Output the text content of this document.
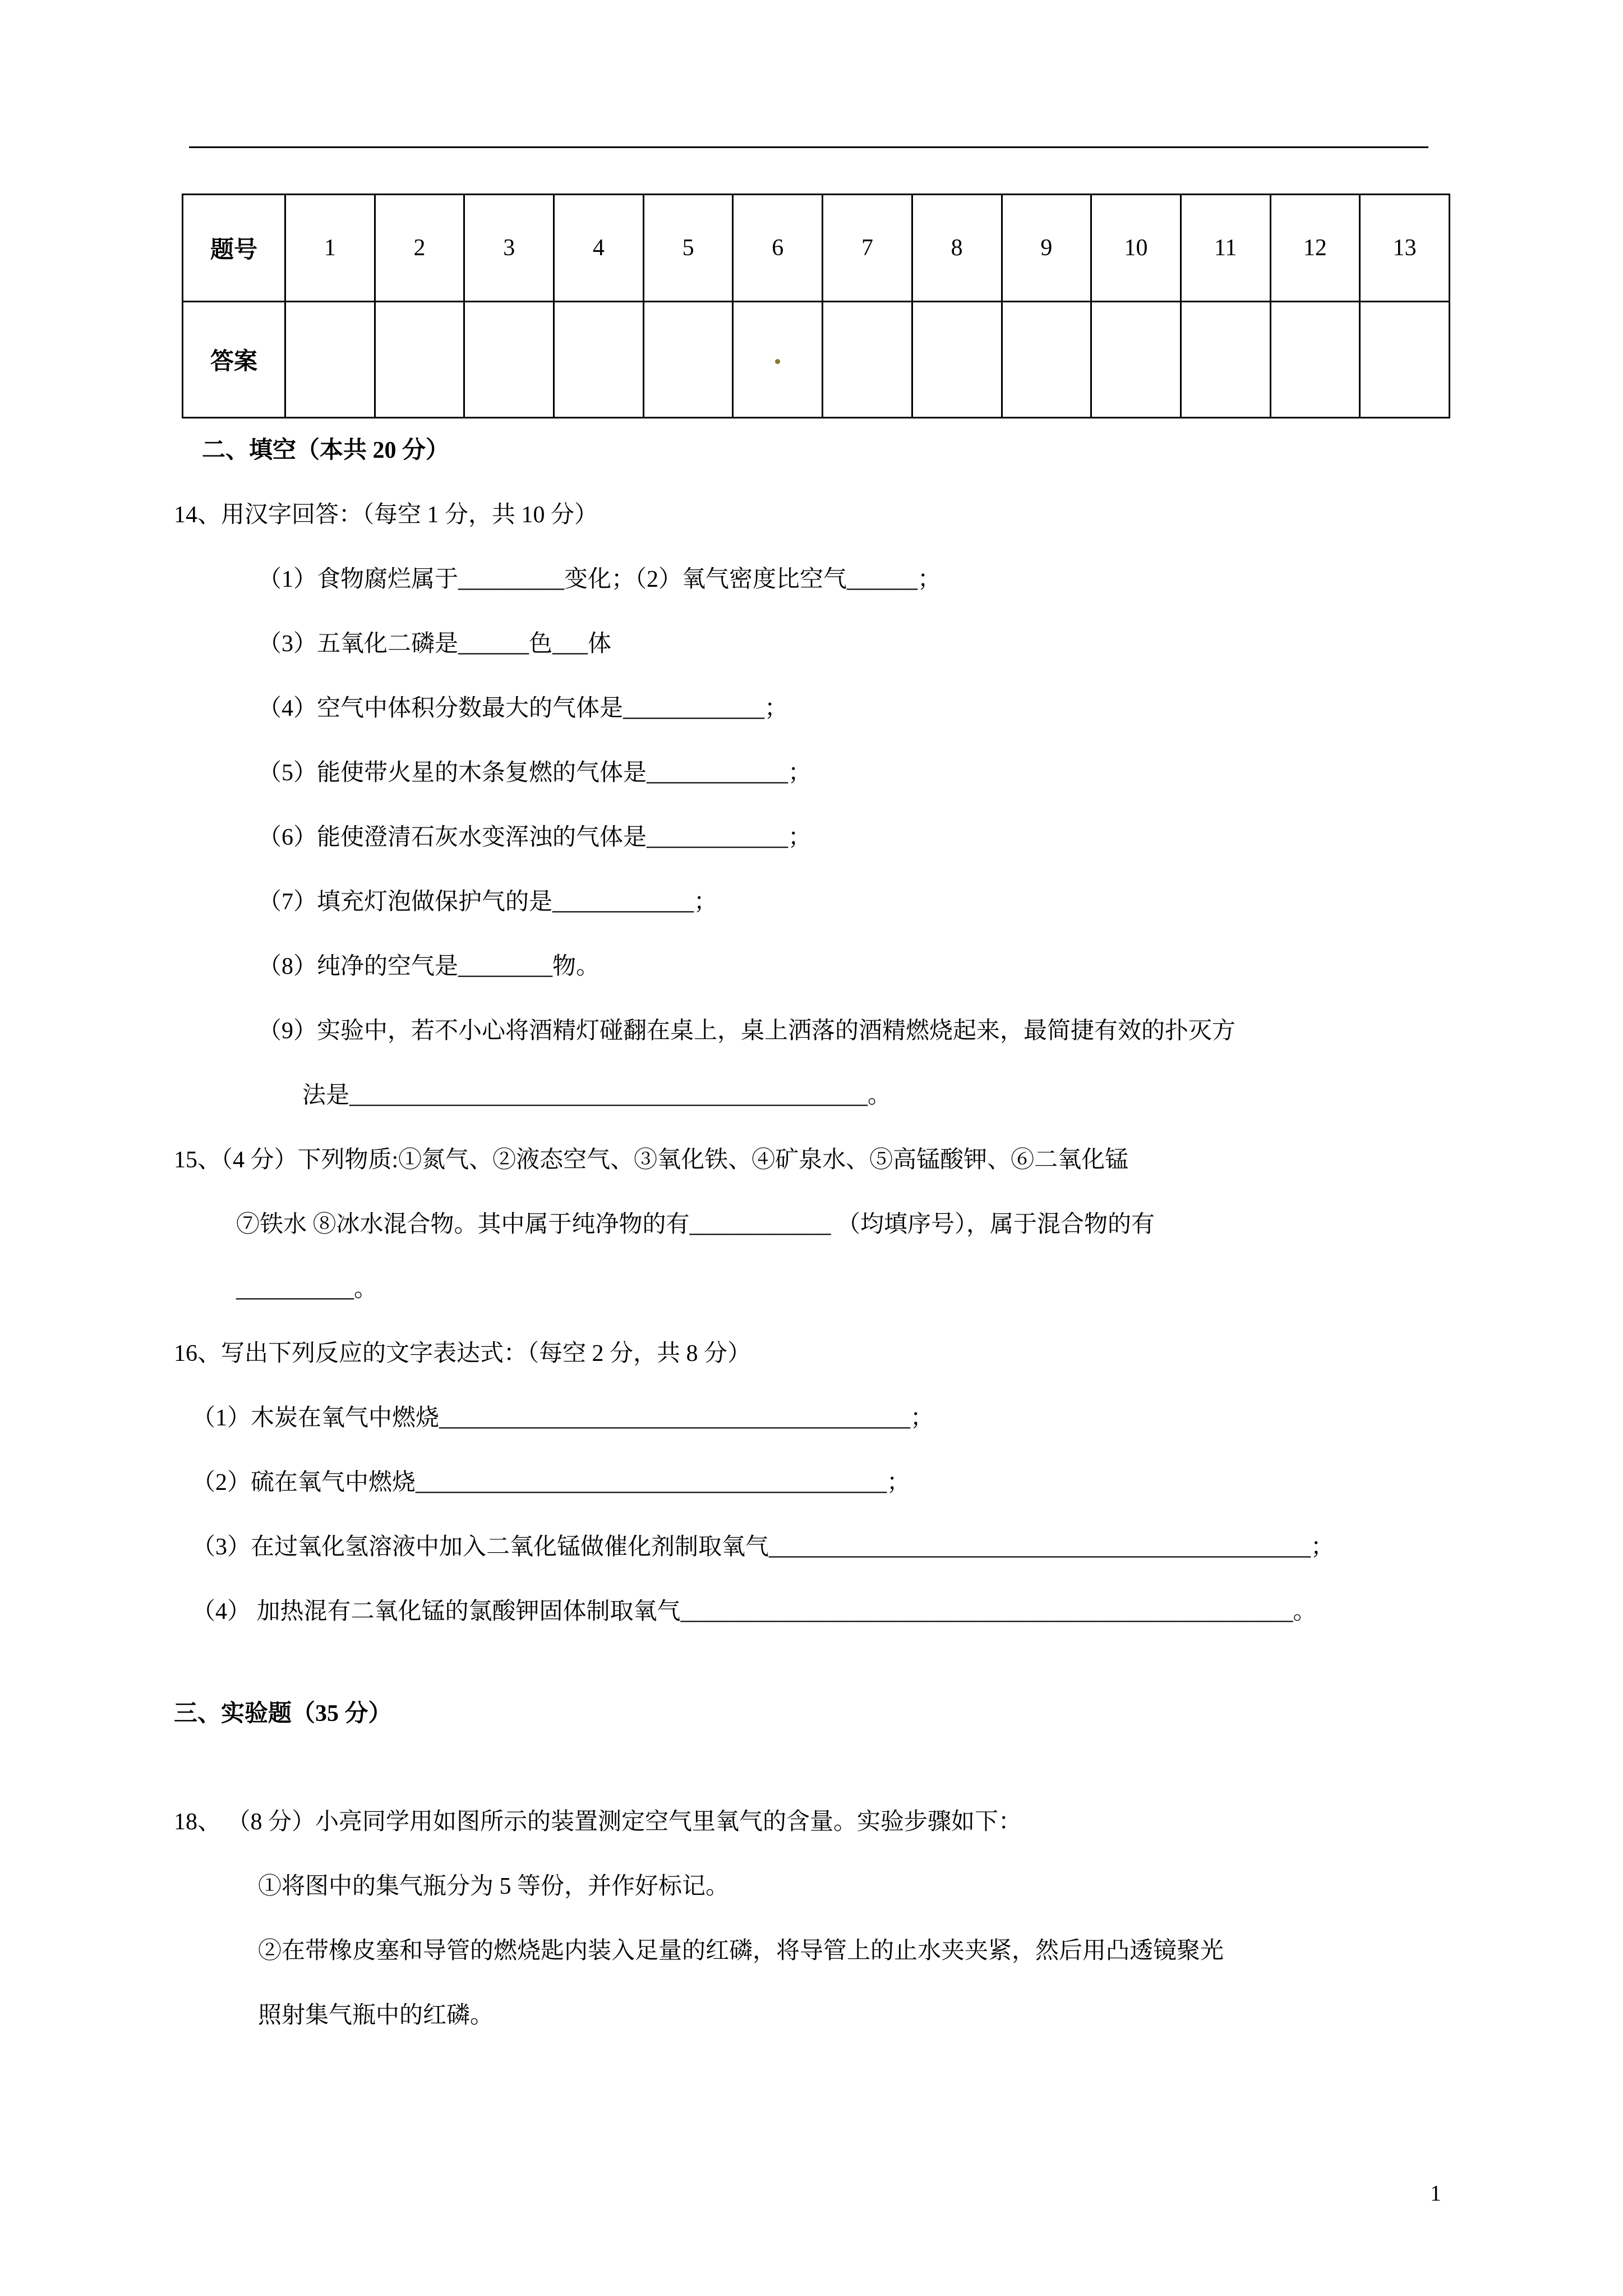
题号	1	2	3	4	5	6	7	8	9	10	11	12	13
答案													
二、填空（本共 20 分）
14、用汉字回答：（每空 1 分，共 10 分）
（1）食物腐烂属于_________变化；（2）氧气密度比空气______；
（3）五氧化二磷是______色___体
（4）空气中体积分数最大的气体是____________；
（5）能使带火星的木条复燃的气体是____________；
（6）能使澄清石灰水变浑浊的气体是____________；
（7）填充灯泡做保护气的是____________；
（8）纯净的空气是________物。
（9）实验中，若不小心将酒精灯碰翻在桌上，桌上洒落的酒精燃烧起来，最简捷有效的扑灭方
法是____________________________________________。
15、（4 分）下列物质:①氮气、②液态空气、③氧化铁、④矿泉水、⑤高锰酸钾、⑥二氧化锰
⑦铁水 ⑧冰水混合物。其中属于纯净物的有____________ （均填序号），属于混合物的有
__________。
16、写出下列反应的文字表达式：（每空 2 分，共 8 分）
（1）木炭在氧气中燃烧________________________________________；
（2）硫在氧气中燃烧________________________________________；
（3）在过氧化氢溶液中加入二氧化锰做催化剂制取氧气______________________________________________；
（4） 加热混有二氧化锰的氯酸钾固体制取氧气____________________________________________________。
三、实验题（35 分）
18、 （8 分）小亮同学用如图所示的装置测定空气里氧气的含量。实验步骤如下：
①将图中的集气瓶分为 5 等份，并作好标记。
②在带橡皮塞和导管的燃烧匙内装入足量的红磷，将导管上的止水夹夹紧，然后用凸透镜聚光
照射集气瓶中的红磷。
1
